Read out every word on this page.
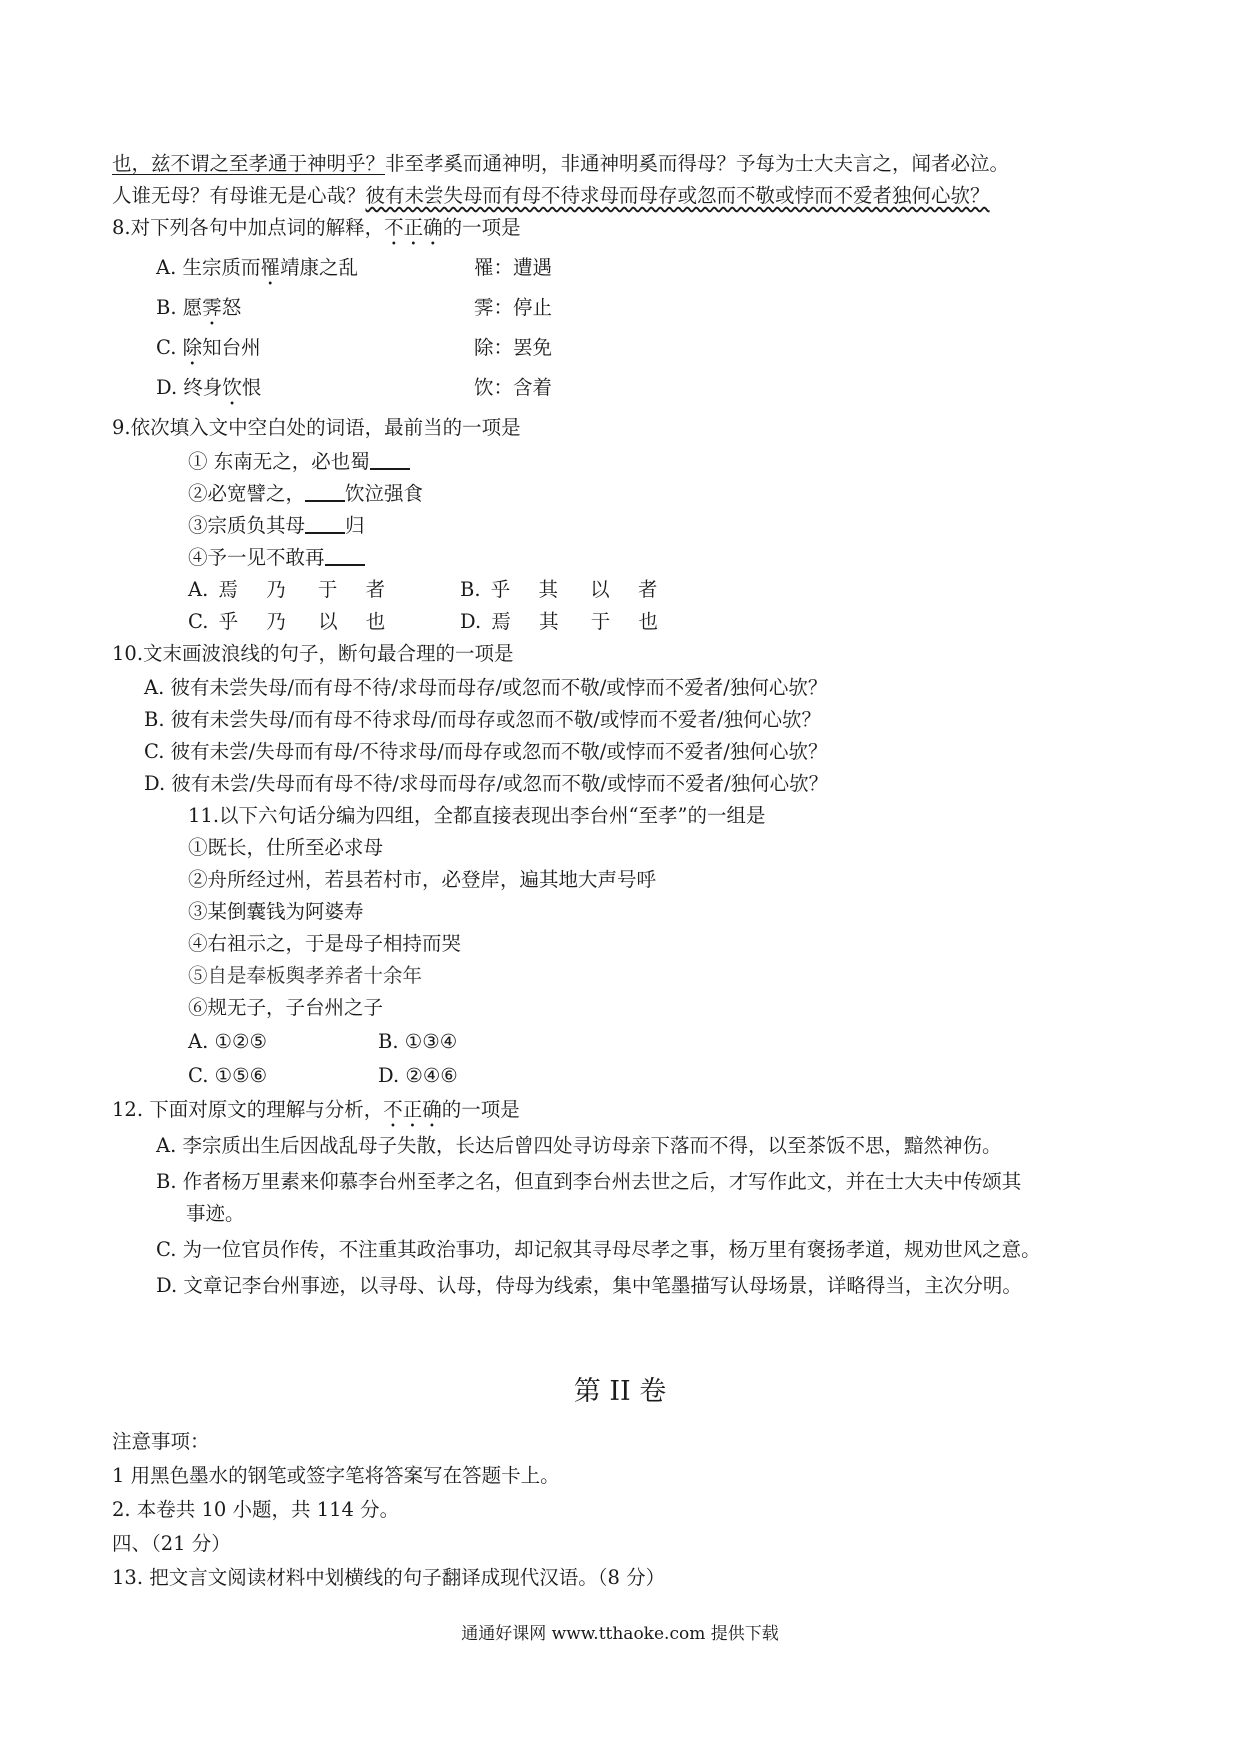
也，兹不谓之至孝通于神明乎？非至孝奚而通神明，非通神明奚而得母？予每为士大夫言之，闻者必泣。
人谁无母？有母谁无是心哉？彼有未尝失母而有母不待求母而母存或忽而不敬或悖而不爱者独何心欤？
8.对下列各句中加点词的解释，不正确的一项是
A. 生宗质而罹靖康之乱	罹：遭遇
B. 愿霁怒	霁：停止
C. 除知台州	除：罢免
D. 终身饮恨	饮：含着
9.依次填入文中空白处的词语，最前当的一项是
① 东南无之，必也蜀
②必宽譬之， 饮泣强食
③宗质负其母 归
④予一见不敢再
A. 焉 乃 于 者	B. 乎 其 以 者
C. 乎 乃 以 也	D. 焉 其 于 也
10.文末画波浪线的句子，断句最合理的一项是
A. 彼有未尝失母/而有母不待/求母而母存/或忽而不敬/或悖而不爱者/独何心欤？
B. 彼有未尝失母/而有母不待求母/而母存或忽而不敬/或悖而不爱者/独何心欤？
C. 彼有未尝/失母而有母/不待求母/而母存或忽而不敬/或悖而不爱者/独何心欤？
D. 彼有未尝/失母而有母不待/求母而母存/或忽而不敬/或悖而不爱者/独何心欤？
11.以下六句话分编为四组，全都直接表现出李台州“至孝”的一组是
①既长，仕所至必求母
②舟所经过州，若县若村市，必登岸，遍其地大声号呼
③某倒囊钱为阿婆寿
④右祖示之，于是母子相持而哭
⑤自是奉板舆孝养者十余年
⑥规无子，子台州之子
A. ①②⑤	B. ①③④
C. ①⑤⑥	D. ②④⑥
12. 下面对原文的理解与分析，不正确的一项是
A. 李宗质出生后因战乱母子失散，长达后曾四处寻访母亲下落而不得，以至茶饭不思，黯然神伤。
B. 作者杨万里素来仰慕李台州至孝之名，但直到李台州去世之后，才写作此文，并在士大夫中传颂其
事迹。
C. 为一位官员作传，不注重其政治事功，却记叙其寻母尽孝之事，杨万里有褒扬孝道，规劝世风之意。
D. 文章记李台州事迹，以寻母、认母，侍母为线索，集中笔墨描写认母场景，详略得当，主次分明。
第 II 卷
注意事项：
1 用黑色墨水的钢笔或签字笔将答案写在答题卡上。
2. 本卷共 10 小题，共 114 分。
四、（21 分）
13. 把文言文阅读材料中划横线的句子翻译成现代汉语。（8 分）
通通好课网 www.tthaoke.com 提供下载
